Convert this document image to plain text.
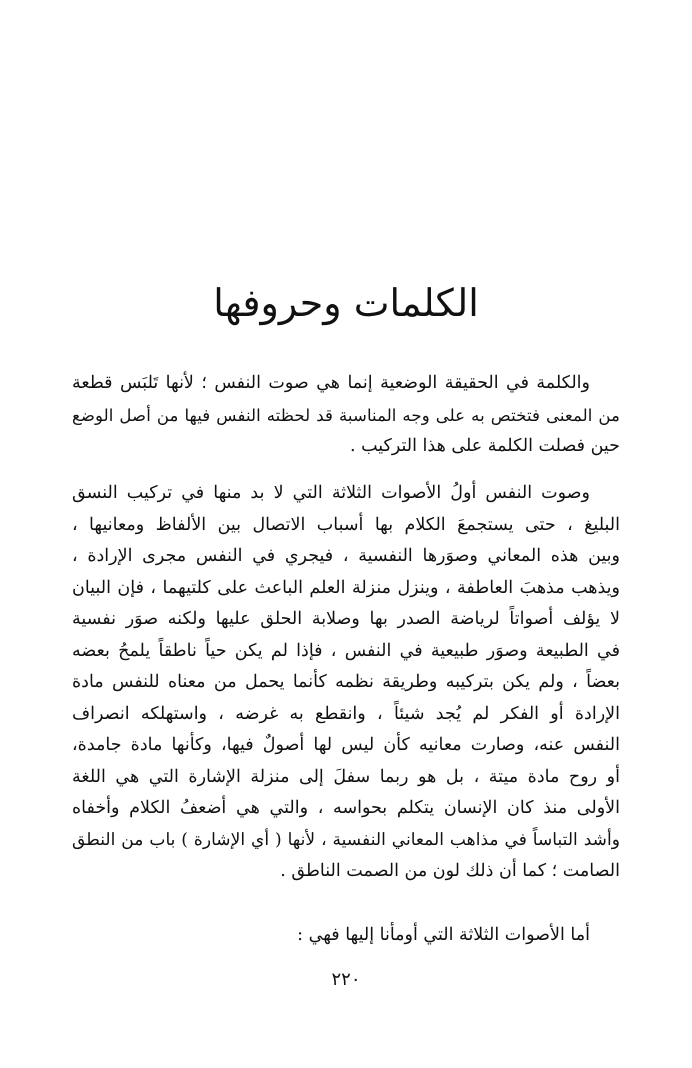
الكلمات وحروفها
والكلمة في الحقيقة الوضعية إنما هي صوت النفس ؛ لأنها تَلبَس قطعة
من المعنى فتختص به على وجه المناسبة قد لحظته النفس فيها من أصل الوضع
حين فصلت الكلمة على هذا التركيب .
وصوت النفس أولُ الأصوات الثلاثة التي لا بد منها في تركيب النسق
البليغ ، حتى يستجمعَ الكلام بها أسباب الاتصال بين الألفاظ ومعانيها ،
وبين هذه المعاني وصوَرها النفسية ، فيجري في النفس مجرى الإرادة ،
ويذهب مذهبَ العاطفة ، وينزل منزلة العلم الباعث على كلتيهما ، فإن البيان
لا يؤلف أصواتاً لرياضة الصدر بها وصلابة الحلق عليها ولكنه صوَر نفسية
في الطبيعة وصوَر طبيعية في النفس ، فإذا لم يكن حياً ناطقاً يلمحُ بعضه
بعضاً ، ولم يكن بتركيبه وطريقة نظمه كأنما يحمل من معناه للنفس مادة
الإرادة أو الفكر لم يُجد شيئاً ، وانقطع به غرضه ، واستهلكه انصراف
النفس عنه، وصارت معانيه كأن ليس لها أصولٌ فيها، وكأنها مادة جامدة،
أو روح مادة ميتة ، بل هو ربما سفلَ إلى منزلة الإشارة التي هي اللغة
الأولى منذ كان الإنسان يتكلم بحواسه ، والتي هي أضعفُ الكلام وأخفاه
وأشد التباساً في مذاهب المعاني النفسية ، لأنها ( أي الإشارة ) باب من النطق
الصامت ؛ كما أن ذلك لون من الصمت الناطق .
أما الأصوات الثلاثة التي أومأنا إليها فهي :
٢٢٠
